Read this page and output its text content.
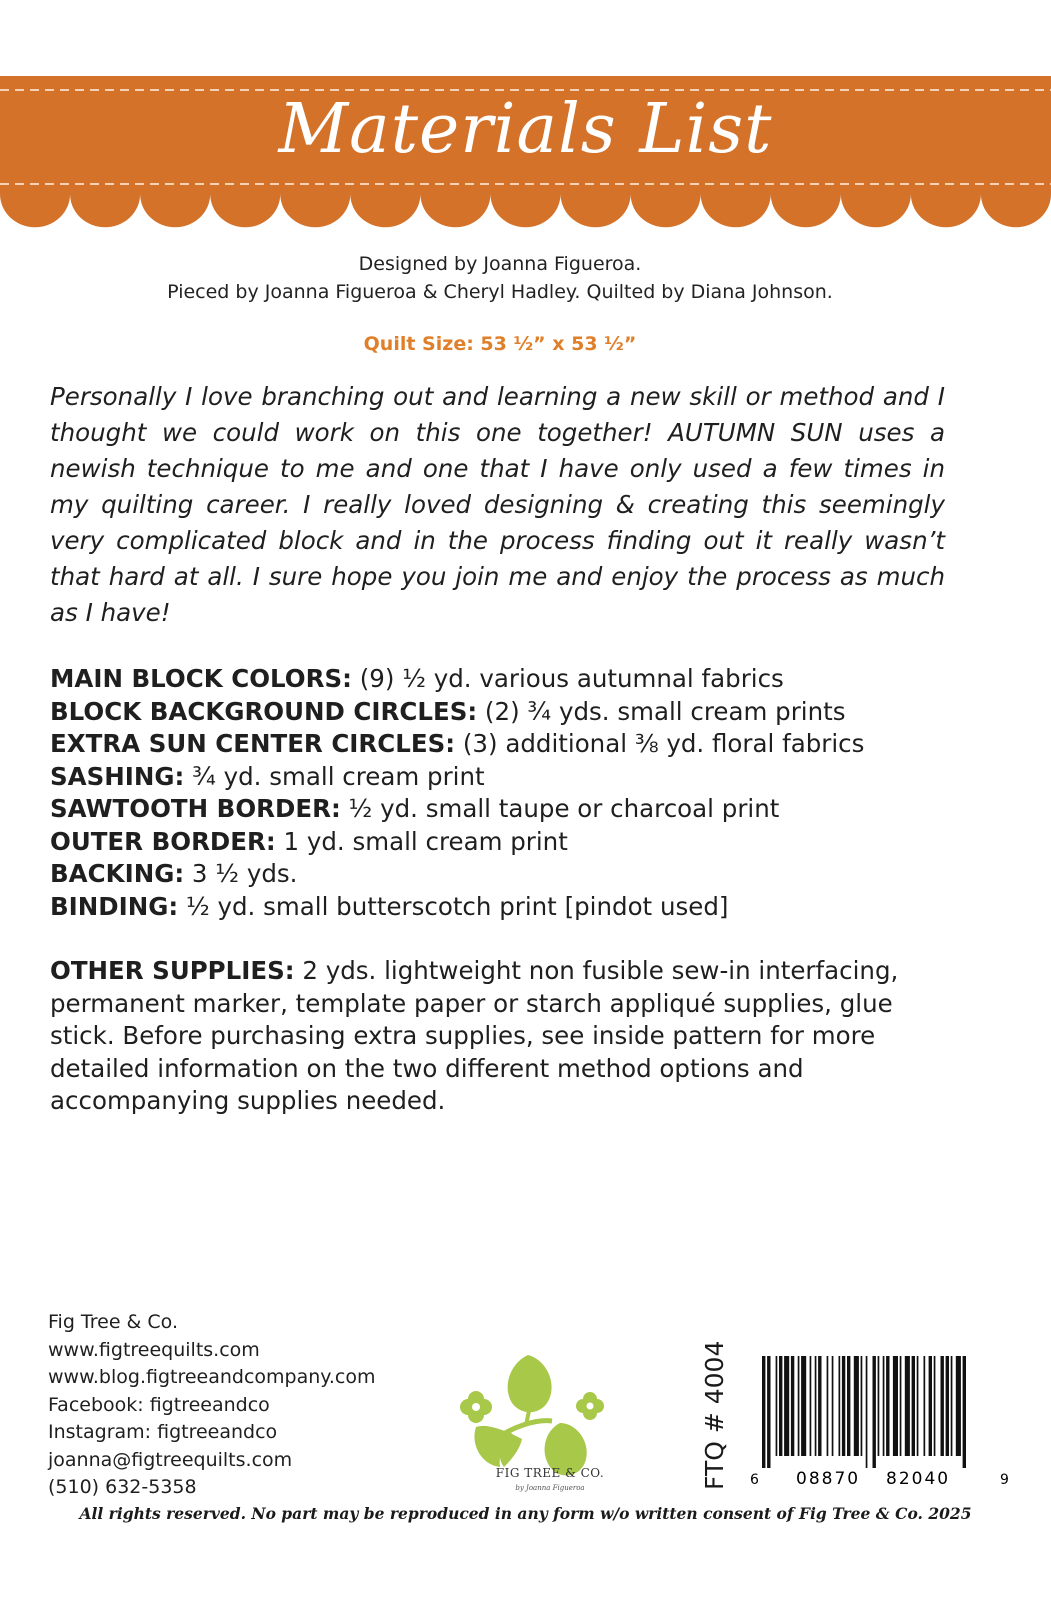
Materials List
Designed by Joanna Figueroa.
Pieced by Joanna Figueroa & Cheryl Hadley. Quilted by Diana Johnson.
Quilt Size: 53 ½” x 53 ½”

Personally I love branching out and learning a new skill or method and I thought we could work on this one together! AUTUMN SUN uses a newish technique to me and one that I have only used a few times in my quilting career. I really loved designing & creating this seemingly very complicated block and in the process finding out it really wasn’t that hard at all. I sure hope you join me and enjoy the process as much as I have!

MAIN BLOCK COLORS: (9) ½ yd. various autumnal fabrics
BLOCK BACKGROUND CIRCLES: (2) ¾ yds. small cream prints
EXTRA SUN CENTER CIRCLES: (3) additional ⅜ yd. floral fabrics
SASHING: ¾ yd. small cream print
SAWTOOTH BORDER: ½ yd. small taupe or charcoal print
OUTER BORDER: 1 yd. small cream print
BACKING: 3 ½ yds.
BINDING: ½ yd. small butterscotch print [pindot used]
OTHER SUPPLIES: 2 yds. lightweight non fusible sew-in interfacing, permanent marker, template paper or starch appliqué supplies, glue stick. Before purchasing extra supplies, see inside pattern for more detailed information on the two different method options and accompanying supplies needed.
Fig Tree & Co.
www.figtreequilts.com
www.blog.figtreeandcompany.com
Facebook: figtreeandco
Instagram: figtreeandco
joanna@figtreequilts.com
(510) 632-5358
FIG TREE & CO.
by Joanna Figueroa	FTQ # 4004	6 08870 82040	9
All rights reserved. No part may be reproduced in any form w/o written consent of Fig Tree & Co. 2025
